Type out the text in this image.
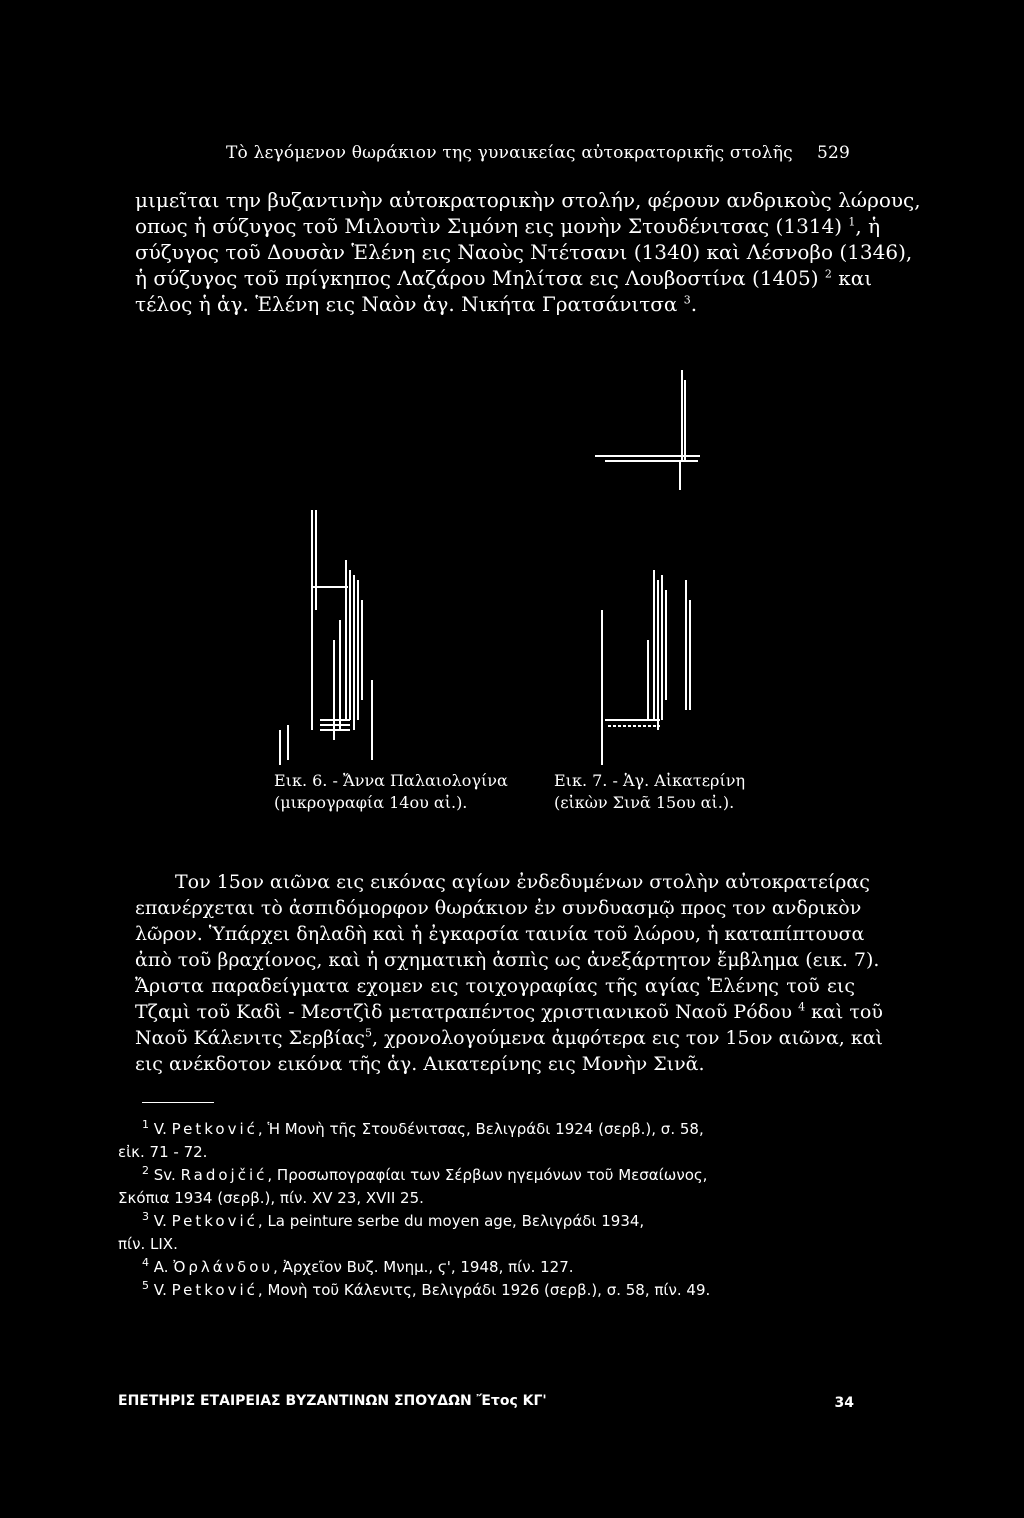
Τὸ λεγόμενον θωράκιον της γυναικείας αὐτοκρατορικῆς στολῆς 529
μιμεῖται την βυζαντινὴν αὐτοκρατορικὴν στολήν, φέρουν ανδρικοὺς λώρους,
οπως ἡ σύζυγος τοῦ Μιλουτὶν Σιμόνη εις μονὴν Στουδένιτσας (1314) $^1$, ἡ
σύζυγος τοῦ Δουσὰν Ἑλένη εις Ναοὺς Ντέτσανι (1340) καὶ Λέσνοβο (1346),
ἡ σύζυγος τοῦ πρίγκηπος Λαζάρου Μηλίτσα εις Λουβοστίνα (1405) $^2$ και
τέλος ἡ ἁγ. Ἑλένη εις Ναὸν ἁγ. Νικήτα Γρατσάνιτσα $^3$.
Εικ. 6. - Ἄννα Παλαιολογίνα
(μικρογραφία 14ου αἰ.).
Εικ. 7. - Ἁγ. Αἰκατερίνη
(εἰκὼν Σινᾶ 15ου αἰ.).
Τον 15ον αιῶνα εις εικόνας αγίων ἐνδεδυμένων στολὴν αὐτοκρατείρας
επανέρχεται τὸ ἀσπιδόμορφον θωράκιον ἐν συνδυασμῷ προς τον ανδρικὸν
λῶρον. Ὑπάρχει δηλαδὴ καὶ ἡ ἐγκαρσία ταινία τοῦ λώρου, ἡ καταπίπτουσα
ἀπὸ τοῦ βραχίονος, καὶ ἡ σχηματικὴ ἀσπὶς ως ἀνεξάρτητον ἔμβλημα (εικ. 7).
Ἄριστα παραδείγματα εχομεν εις τοιχογραφίας τῆς αγίας Ἑλένης τοῦ εις
Τζαμὶ τοῦ Καδὶ - Μεστζὶδ μετατραπέντος χριστιανικοῦ Ναοῦ Ρόδου $^4$ καὶ τοῦ
Ναοῦ Κάλενιτς Σερβίας$^5$, χρονολογούμενα ἀμφότερα εις τον 15ον αιῶνα, καὶ
εις ανέκδοτον εικόνα τῆς ἁγ. Αικατερίνης εις Μονὴν Σινᾶ.
$^1$ V. Petković, Ἡ Μονὴ τῆς Στουδένιτσας, Βελιγράδι 1924 (σερβ.), σ. 58,
εἰκ. 71 - 72.
$^2$ Sv. Radojčić, Προσωπογραφίαι των Σέρβων ηγεμόνων τοῦ Μεσαίωνος,
Σκόπια 1934 (σερβ.), πίν. XV 23, XVII 25.
$^3$ V. Petković, La peinture serbe du moyen age, Βελιγράδι 1934,
πίν. LIX.
$^4$ A. Ὀρλάνδου, Ἀρχεῖον Βυζ. Μνημ., ϛ', 1948, πίν. 127.
$^5$ V. Petković, Μονὴ τοῦ Κάλενιτς, Βελιγράδι 1926 (σερβ.), σ. 58, πίν. 49.
ΕΠΕΤΗΡΙΣ ΕΤΑΙΡΕΙΑΣ ΒΥΖΑΝΤΙΝΩΝ ΣΠΟΥΔΩΝ Ἔτος ΚΓ'	34
